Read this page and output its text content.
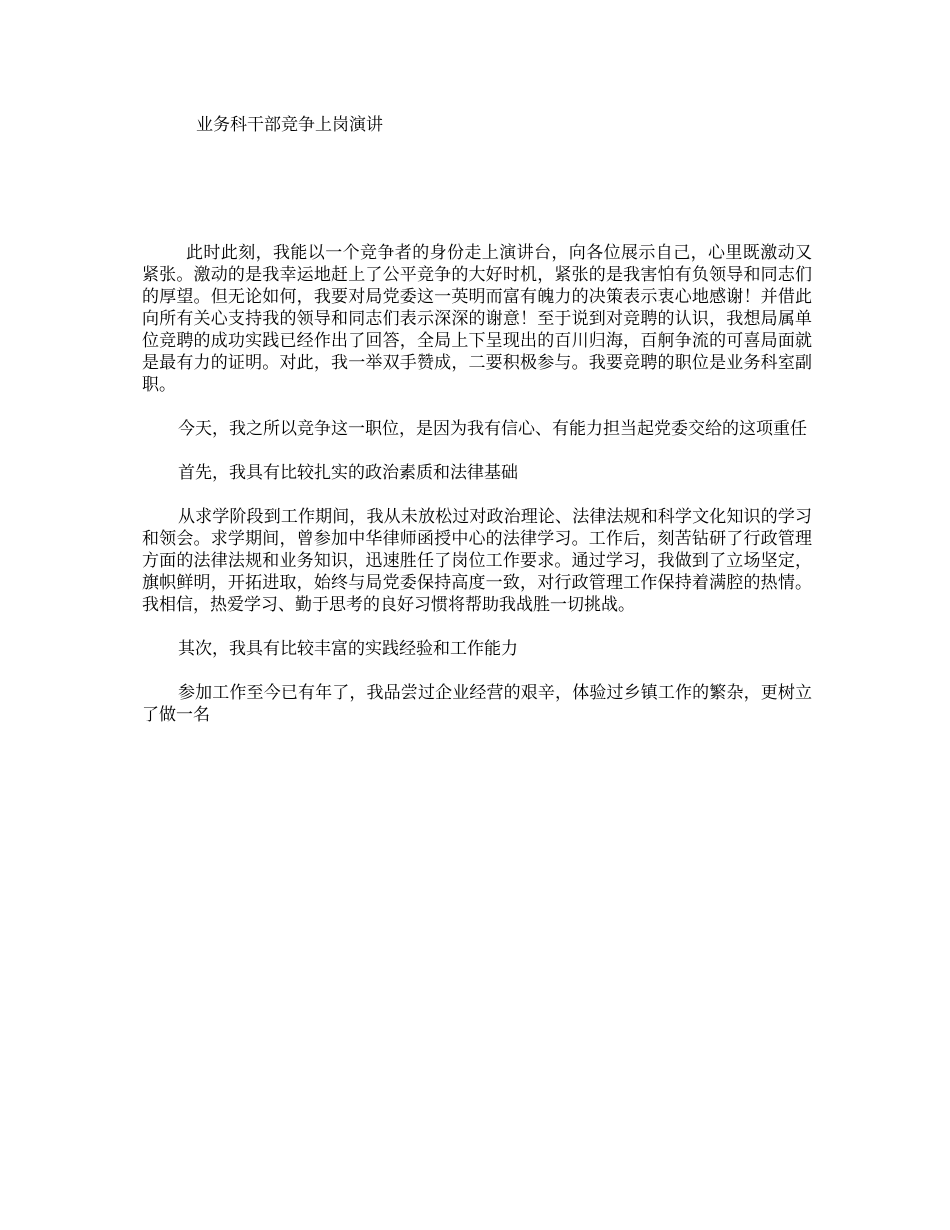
业务科干部竞争上岗演讲

此时此刻，我能以一个竞争者的身份走上演讲台，向各位展示自己，心里既激动又紧张。激动的是我幸运地赶上了公平竞争的大好时机，紧张的是我害怕有负领导和同志们的厚望。但无论如何，我要对局党委这一英明而富有魄力的决策表示衷心地感谢！并借此向所有关心支持我的领导和同志们表示深深的谢意！至于说到对竞聘的认识，我想局属单位竞聘的成功实践已经作出了回答，全局上下呈现出的百川归海，百舸争流的可喜局面就是最有力的证明。对此，我一举双手赞成，二要积极参与。我要竞聘的职位是业务科室副职。

今天，我之所以竞争这一职位，是因为我有信心、有能力担当起党委交给的这项重任

首先，我具有比较扎实的政治素质和法律基础

从求学阶段到工作期间，我从未放松过对政治理论、法律法规和科学文化知识的学习和领会。求学期间，曾参加中华律师函授中心的法律学习。工作后，刻苦钻研了行政管理方面的法律法规和业务知识，迅速胜任了岗位工作要求。通过学习，我做到了立场坚定，旗帜鲜明，开拓进取，始终与局党委保持高度一致，对行政管理工作保持着满腔的热情。我相信，热爱学习、勤于思考的良好习惯将帮助我战胜一切挑战。

其次，我具有比较丰富的实践经验和工作能力

参加工作至今已有年了，我品尝过企业经营的艰辛，体验过乡镇工作的繁杂，更树立了做一名
